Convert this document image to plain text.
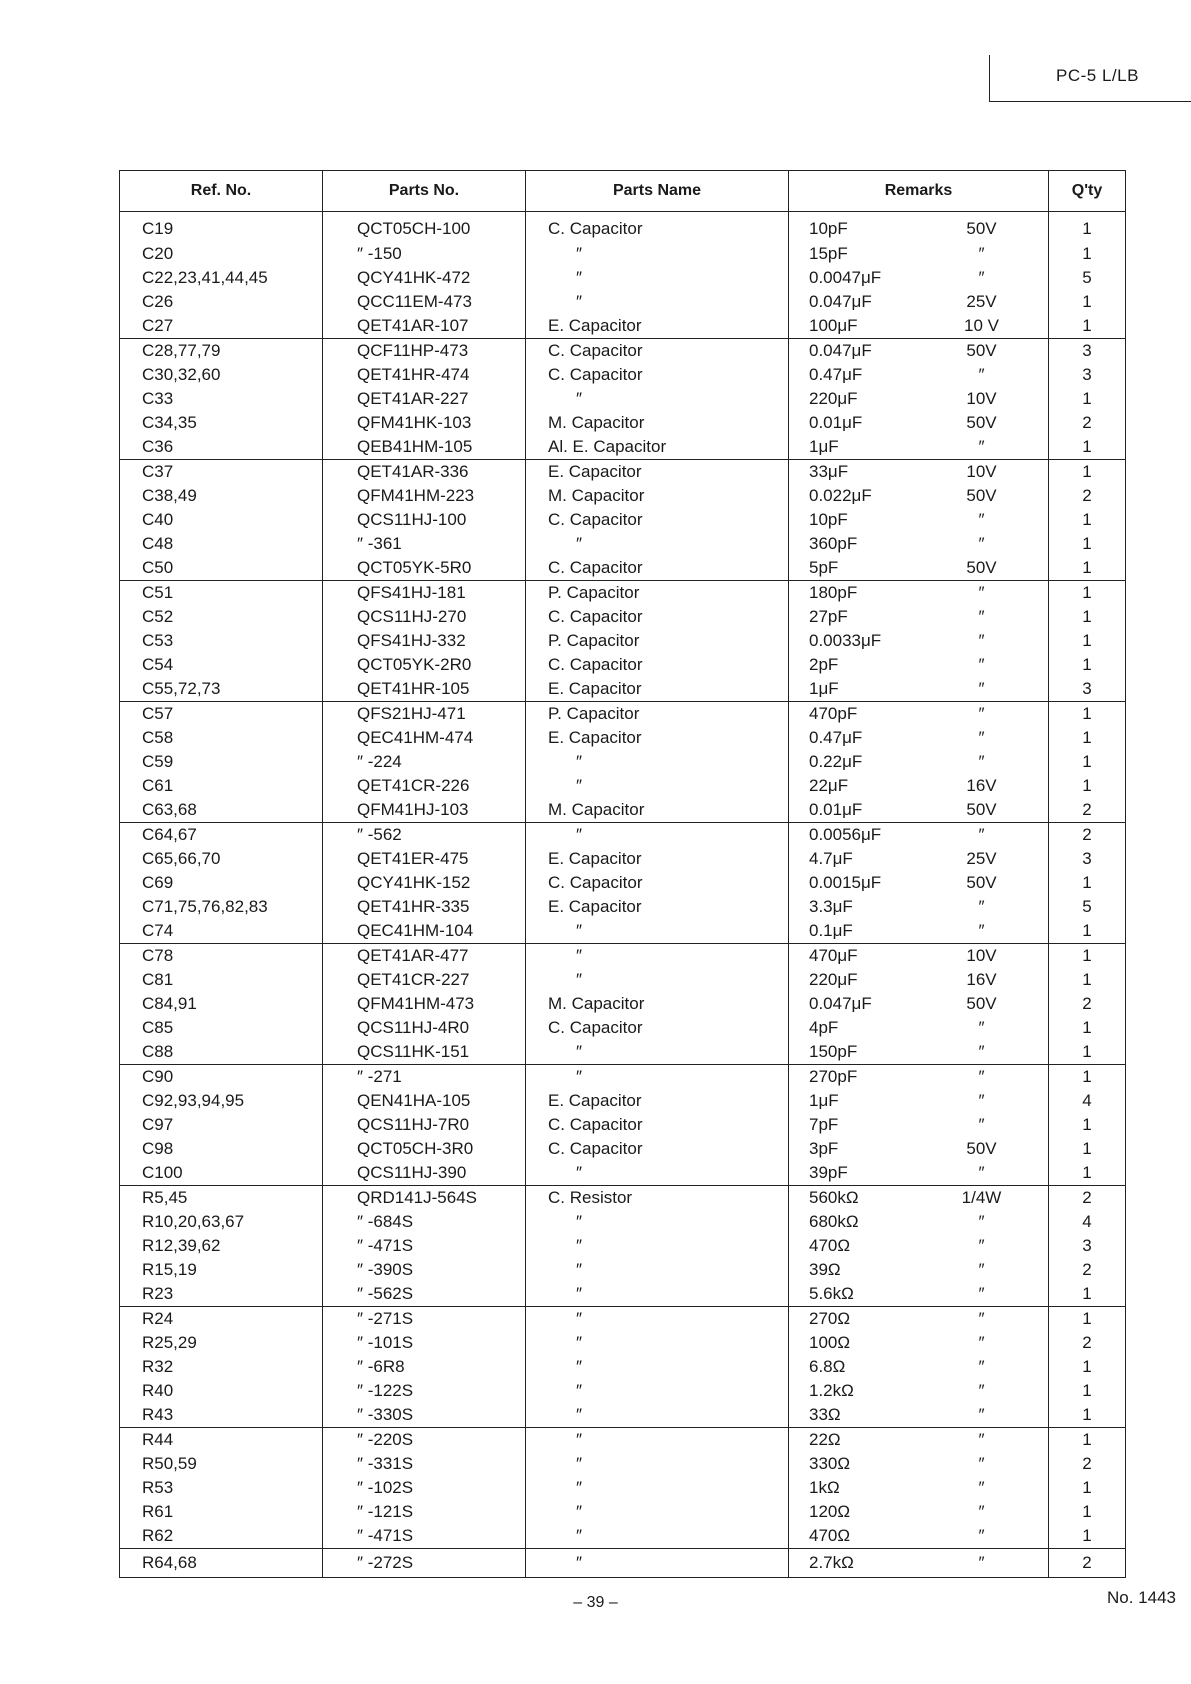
PC-5 L/LB
Ref. No.	Parts No.	Parts Name	Remarks	Q'ty
C19	QCT05CH-100	C. Capacitor	10pF 50V	1
C20	″ -150	″	15pF ″	1
C22,23,41,44,45	QCY41HK-472	″	0.0047μF ″	5
C26	QCC11EM-473	″	0.047μF 25V	1
C27	QET41AR-107	E. Capacitor	100μF 10 V	1
C28,77,79	QCF11HP-473	C. Capacitor	0.047μF 50V	3
C30,32,60	QET41HR-474	C. Capacitor	0.47μF ″	3
C33	QET41AR-227	″	220μF 10V	1
C34,35	QFM41HK-103	M. Capacitor	0.01μF 50V	2
C36	QEB41HM-105	Al. E. Capacitor	1μF ″	1
C37	QET41AR-336	E. Capacitor	33μF 10V	1
C38,49	QFM41HM-223	M. Capacitor	0.022μF 50V	2
C40	QCS11HJ-100	C. Capacitor	10pF ″	1
C48	″ -361	″	360pF ″	1
C50	QCT05YK-5R0	C. Capacitor	5pF 50V	1
C51	QFS41HJ-181	P. Capacitor	180pF ″	1
C52	QCS11HJ-270	C. Capacitor	27pF ″	1
C53	QFS41HJ-332	P. Capacitor	0.0033μF ″	1
C54	QCT05YK-2R0	C. Capacitor	2pF ″	1
C55,72,73	QET41HR-105	E. Capacitor	1μF ″	3
C57	QFS21HJ-471	P. Capacitor	470pF ″	1
C58	QEC41HM-474	E. Capacitor	0.47μF ″	1
C59	″ -224	″	0.22μF ″	1
C61	QET41CR-226	″	22μF 16V	1
C63,68	QFM41HJ-103	M. Capacitor	0.01μF 50V	2
C64,67	″ -562	″	0.0056μF ″	2
C65,66,70	QET41ER-475	E. Capacitor	4.7μF 25V	3
C69	QCY41HK-152	C. Capacitor	0.0015μF 50V	1
C71,75,76,82,83	QET41HR-335	E. Capacitor	3.3μF ″	5
C74	QEC41HM-104	″	0.1μF ″	1
C78	QET41AR-477	″	470μF 10V	1
C81	QET41CR-227	″	220μF 16V	1
C84,91	QFM41HM-473	M. Capacitor	0.047μF 50V	2
C85	QCS11HJ-4R0	C. Capacitor	4pF ″	1
C88	QCS11HK-151	″	150pF ″	1
C90	″ -271	″	270pF ″	1
C92,93,94,95	QEN41HA-105	E. Capacitor	1μF ″	4
C97	QCS11HJ-7R0	C. Capacitor	7pF ″	1
C98	QCT05CH-3R0	C. Capacitor	3pF 50V	1
C100	QCS11HJ-390	″	39pF ″	1
R5,45	QRD141J-564S	C. Resistor	560kΩ 1/4W	2
R10,20,63,67	″ -684S	″	680kΩ ″	4
R12,39,62	″ -471S	″	470Ω ″	3
R15,19	″ -390S	″	39Ω ″	2
R23	″ -562S	″	5.6kΩ ″	1
R24	″ -271S	″	270Ω ″	1
R25,29	″ -101S	″	100Ω ″	2
R32	″ -6R8	″	6.8Ω ″	1
R40	″ -122S	″	1.2kΩ ″	1
R43	″ -330S	″	33Ω ″	1
R44	″ -220S	″	22Ω ″	1
R50,59	″ -331S	″	330Ω ″	2
R53	″ -102S	″	1kΩ ″	1
R61	″ -121S	″	120Ω ″	1
R62	″ -471S	″	470Ω ″	1
R64,68	″ -272S	″	2.7kΩ ″	2
– 39 –	No. 1443
